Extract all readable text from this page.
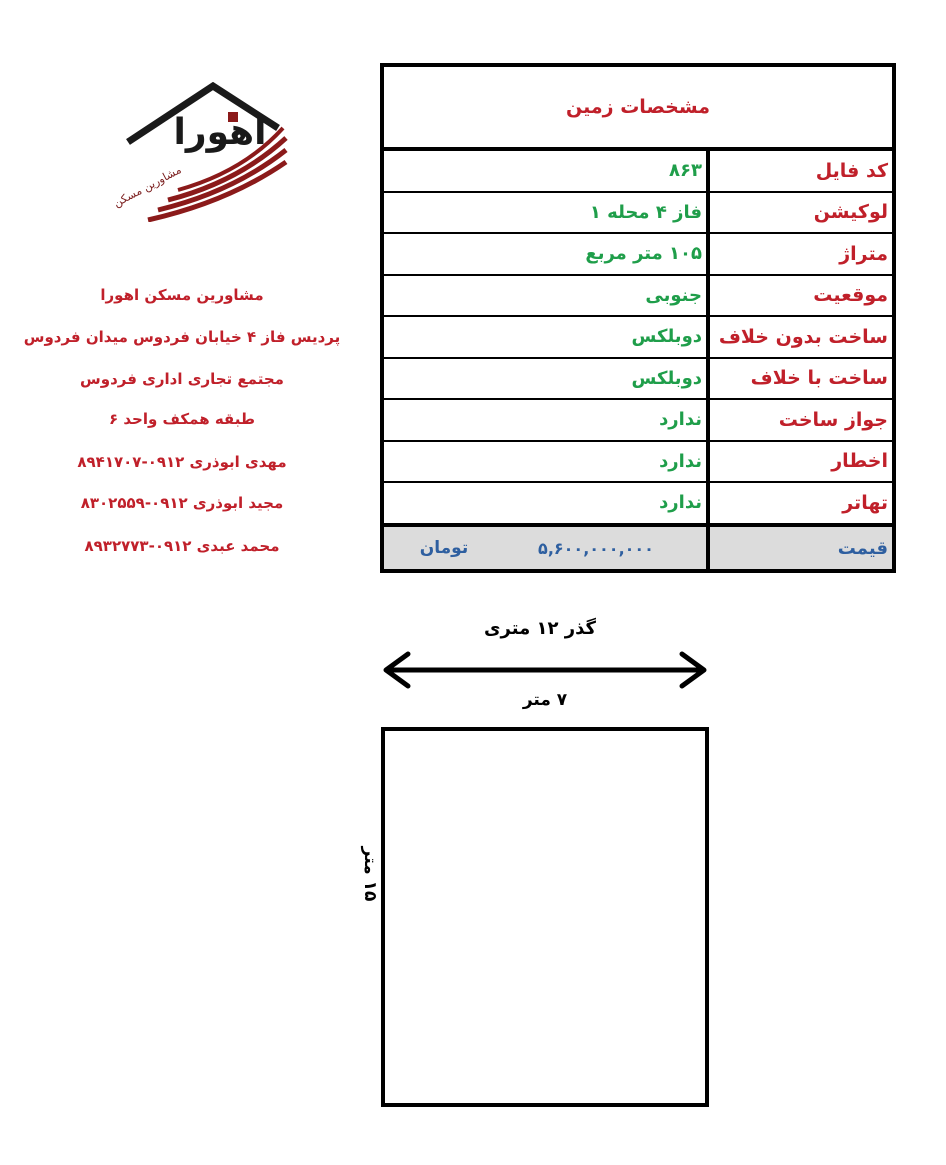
اهورا
مشاورین مسکن
مشاورین مسکن اهورا
پردیس فاز ۴ خیابان فردوس میدان فردوس
مجتمع تجاری اداری فردوس
طبقه همکف واحد ۶
مهدی ابوذری ۰۹۱۲-۸۹۴۱۷۰۷
مجید ابوذری ۰۹۱۲-۸۳۰۲۵۵۹
محمد عبدی ۰۹۱۲-۸۹۳۲۷۷۳
مشخصات زمین
کد فایل
۸۶۳
لوکیشن
فاز ۴ محله ۱
متراژ
۱۰۵ متر مربع
موقعیت
جنوبی
ساخت بدون خلاف
دوبلکس
ساخت با خلاف
دوبلکس
جواز ساخت
ندارد
اخطار
ندارد
تهاتر
ندارد
قیمت
۵,۶۰۰,۰۰۰,۰۰۰
تومان
گذر ۱۲ متری
۷ متر
۱۵ متر
